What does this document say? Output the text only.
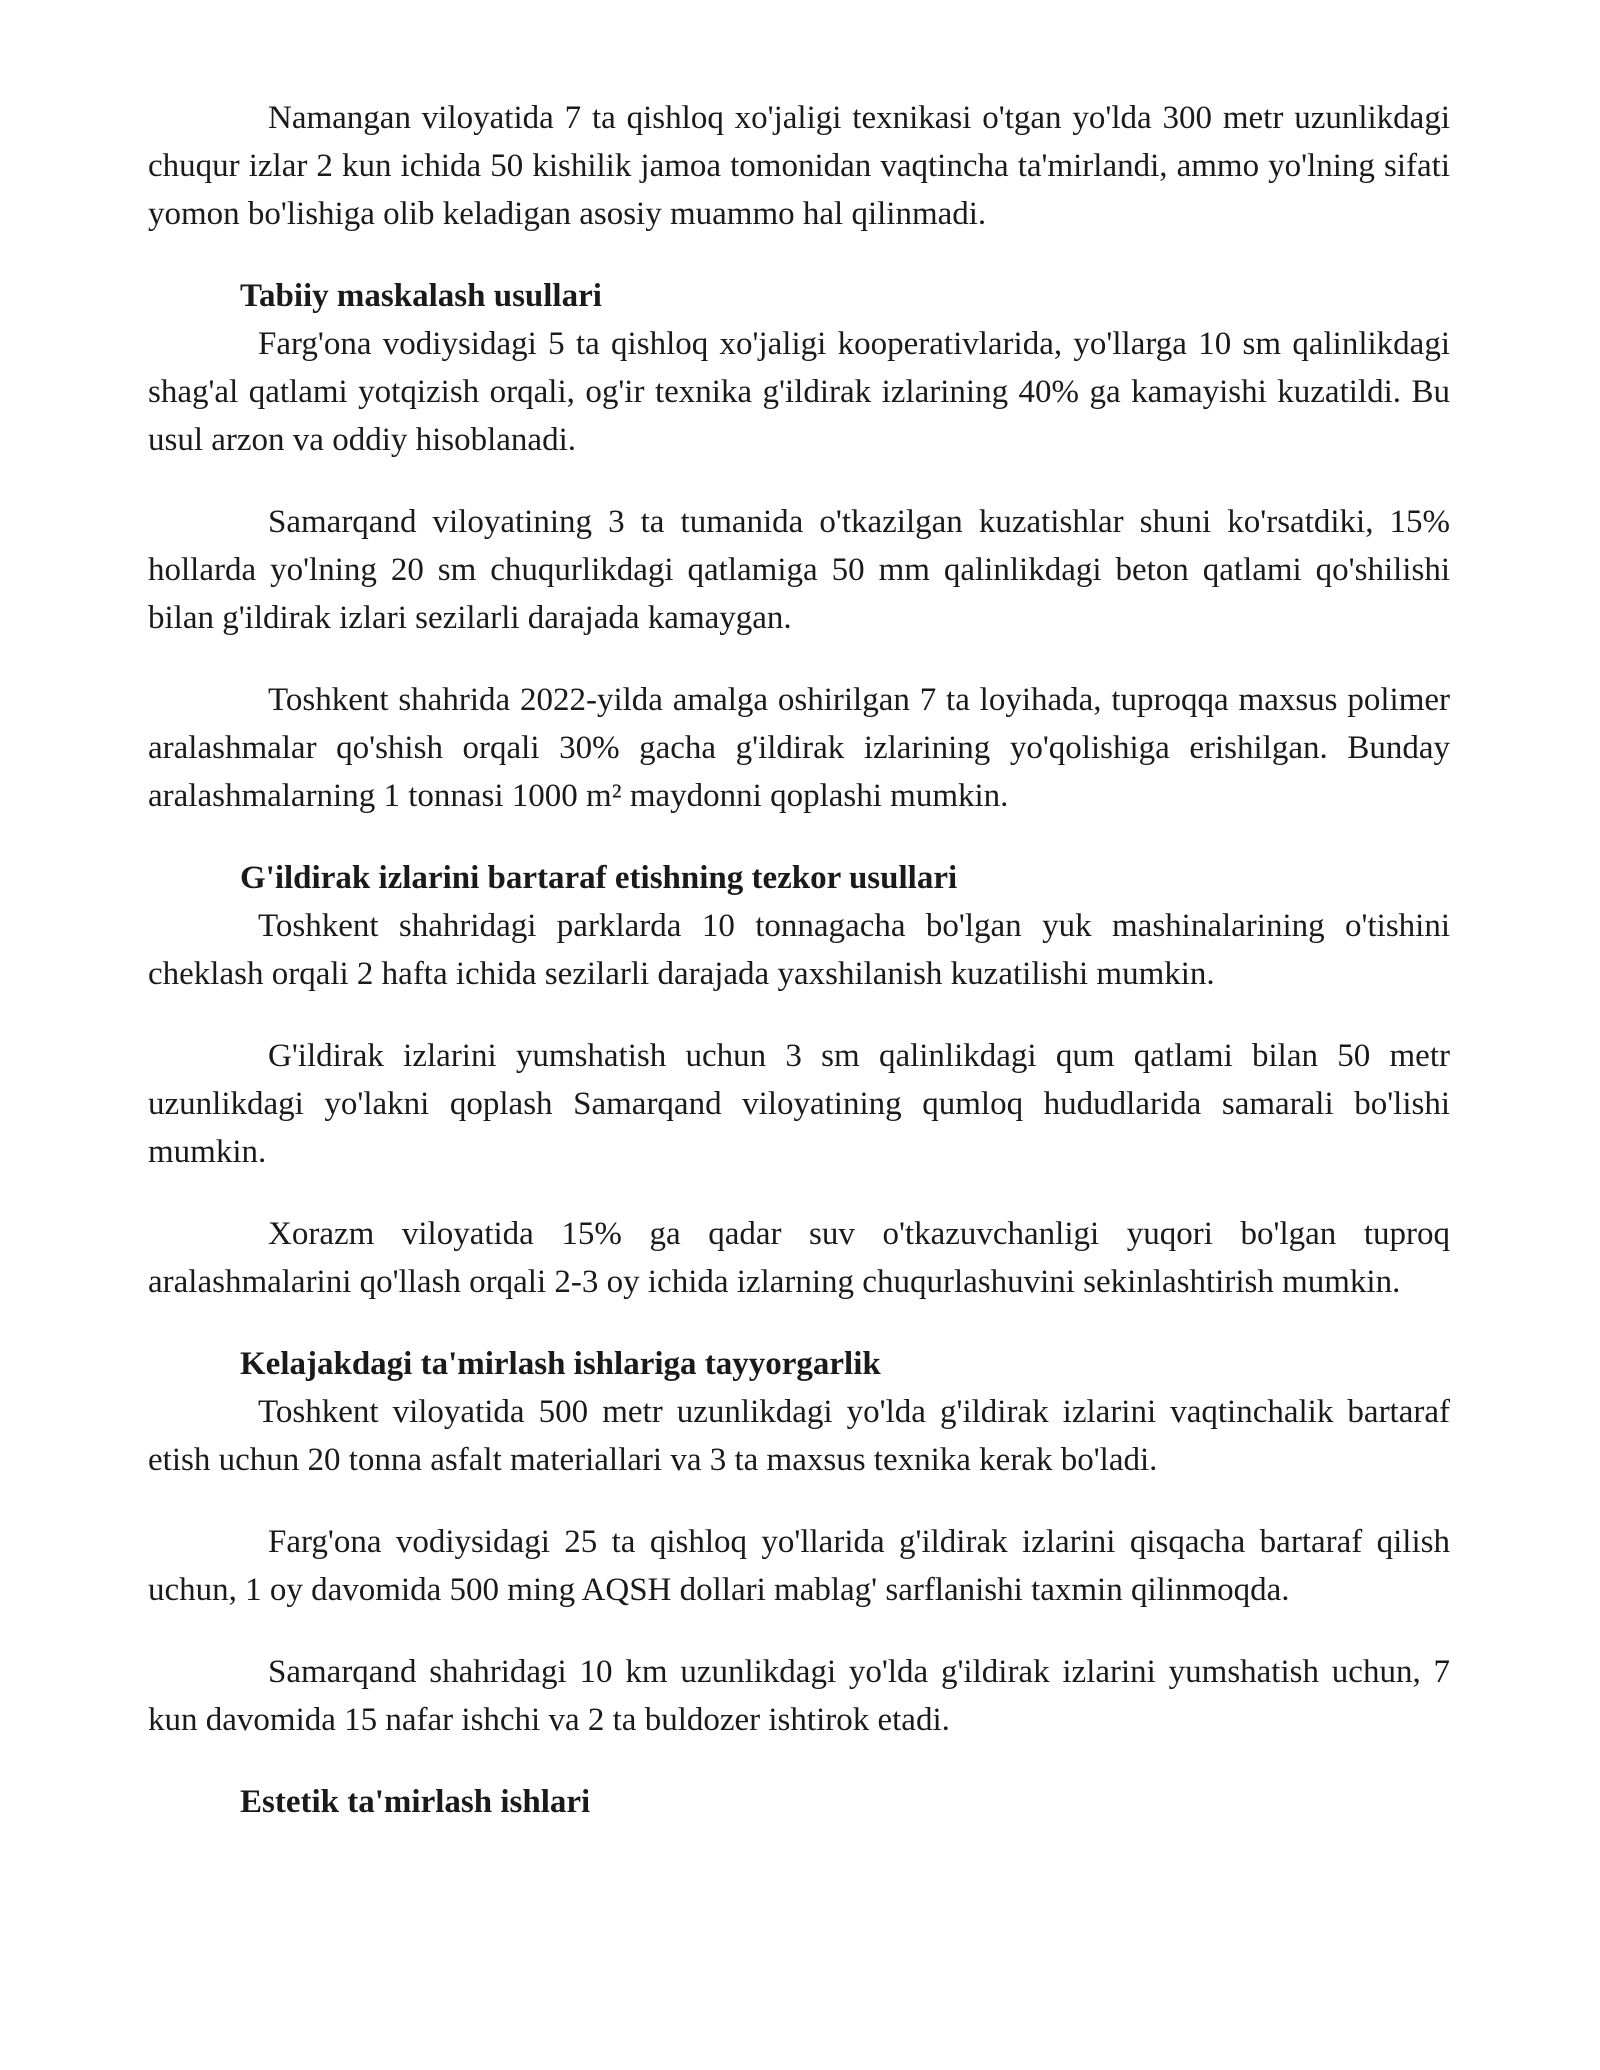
Namangan viloyatida 7 ta qishloq xo'jaligi texnikasi o'tgan yo'lda 300 metr uzunlikdagi chuqur izlar 2 kun ichida 50 kishilik jamoa tomonidan vaqtincha ta'mirlandi, ammo yo'lning sifati yomon bo'lishiga olib keladigan asosiy muammo hal qilinmadi.

Tabiiy maskalash usullari

Farg'ona vodiysidagi 5 ta qishloq xo'jaligi kooperativlarida, yo'llarga 10 sm qalinlikdagi shag'al qatlami yotqizish orqali, og'ir texnika g'ildirak izlarining 40% ga kamayishi kuzatildi. Bu usul arzon va oddiy hisoblanadi.

Samarqand viloyatining 3 ta tumanida o'tkazilgan kuzatishlar shuni ko'rsatdiki, 15% hollarda yo'lning 20 sm chuqurlikdagi qatlamiga 50 mm qalinlikdagi beton qatlami qo'shilishi bilan g'ildirak izlari sezilarli darajada kamaygan.

Toshkent shahrida 2022-yilda amalga oshirilgan 7 ta loyihada, tuproqqa maxsus polimer aralashmalar qo'shish orqali 30% gacha g'ildirak izlarining yo'qolishiga erishilgan. Bunday aralashmalarning 1 tonnasi 1000 m² maydonni qoplashi mumkin.

G'ildirak izlarini bartaraf etishning tezkor usullari

Toshkent shahridagi parklarda 10 tonnagacha bo'lgan yuk mashinalarining o'tishini cheklash orqali 2 hafta ichida sezilarli darajada yaxshilanish kuzatilishi mumkin.

G'ildirak izlarini yumshatish uchun 3 sm qalinlikdagi qum qatlami bilan 50 metr uzunlikdagi yo'lakni qoplash Samarqand viloyatining qumloq hududlarida samarali bo'lishi mumkin.

Xorazm viloyatida 15% ga qadar suv o'tkazuvchanligi yuqori bo'lgan tuproq aralashmalarini qo'llash orqali 2-3 oy ichida izlarning chuqurlashuvini sekinlashtirish mumkin.

Kelajakdagi ta'mirlash ishlariga tayyorgarlik

Toshkent viloyatida 500 metr uzunlikdagi yo'lda g'ildirak izlarini vaqtinchalik bartaraf etish uchun 20 tonna asfalt materiallari va 3 ta maxsus texnika kerak bo'ladi.

Farg'ona vodiysidagi 25 ta qishloq yo'llarida g'ildirak izlarini qisqacha bartaraf qilish uchun, 1 oy davomida 500 ming AQSH dollari mablag' sarflanishi taxmin qilinmoqda.

Samarqand shahridagi 10 km uzunlikdagi yo'lda g'ildirak izlarini yumshatish uchun, 7 kun davomida 15 nafar ishchi va 2 ta buldozer ishtirok etadi.

Estetik ta'mirlash ishlari
